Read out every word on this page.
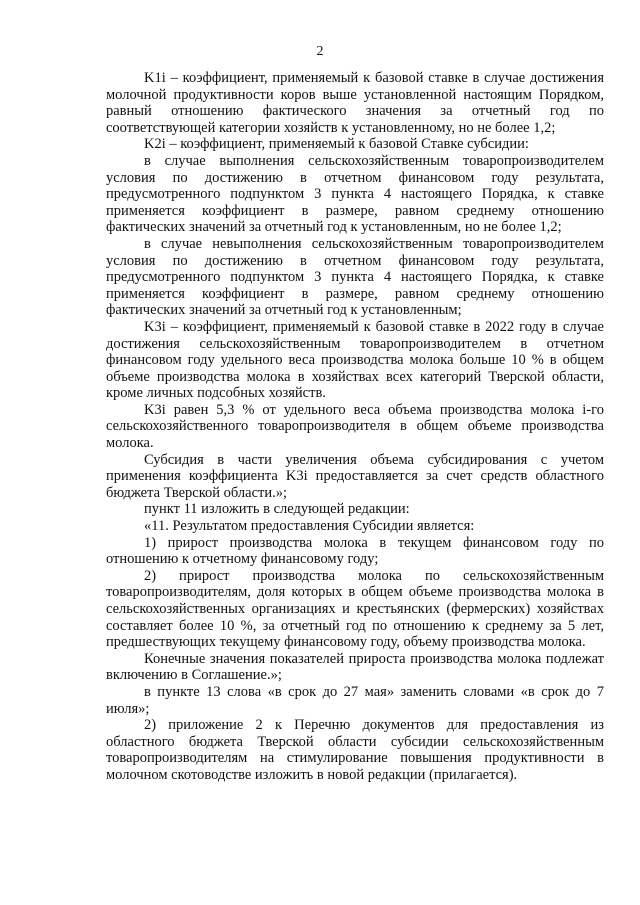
2

K1i – коэффициент, применяемый к базовой ставке в случае достижения молочной продуктивности коров выше установленной настоящим Порядком, равный отношению фактического значения за отчетный год по соответствующей категории хозяйств к установленному, но не более 1,2;

K2i – коэффициент, применяемый к базовой Ставке субсидии:

в случае выполнения сельскохозяйственным товаропроизводителем условия по достижению в отчетном финансовом году результата, предусмотренного подпунктом 3 пункта 4 настоящего Порядка, к ставке применяется коэффициент в размере, равном среднему отношению фактических значений за отчетный год к установленным, но не более 1,2;

в случае невыполнения сельскохозяйственным товаропроизводителем условия по достижению в отчетном финансовом году результата, предусмотренного подпунктом 3 пункта 4 настоящего Порядка, к ставке применяется коэффициент в размере, равном среднему отношению фактических значений за отчетный год к установленным;

K3i – коэффициент, применяемый к базовой ставке в 2022 году в случае достижения сельскохозяйственным товаропроизводителем в отчетном финансовом году удельного веса производства молока больше 10 % в общем объеме производства молока в хозяйствах всех категорий Тверской области, кроме личных подсобных хозяйств.

K3i равен 5,3 % от удельного веса объема производства молока i-го сельскохозяйственного товаропроизводителя в общем объеме производства молока.

Субсидия в части увеличения объема субсидирования с учетом применения коэффициента K3i предоставляется за счет средств областного бюджета Тверской области.»;

пункт 11 изложить в следующей редакции:

«11. Результатом предоставления Субсидии является:

1) прирост производства молока в текущем финансовом году по отношению к отчетному финансовому году;

2) прирост производства молока по сельскохозяйственным товаропроизводителям, доля которых в общем объеме производства молока в сельскохозяйственных организациях и крестьянских (фермерских) хозяйствах составляет более 10 %, за отчетный год по отношению к среднему за 5 лет, предшествующих текущему финансовому году, объему производства молока.

Конечные значения показателей прироста производства молока подлежат включению в Соглашение.»;

в пункте 13 слова «в срок до 27 мая» заменить словами «в срок до 7 июля»;

2) приложение 2 к Перечню документов для предоставления из областного бюджета Тверской области субсидии сельскохозяйственным товаропроизводителям на стимулирование повышения продуктивности в молочном скотоводстве изложить в новой редакции (прилагается).
